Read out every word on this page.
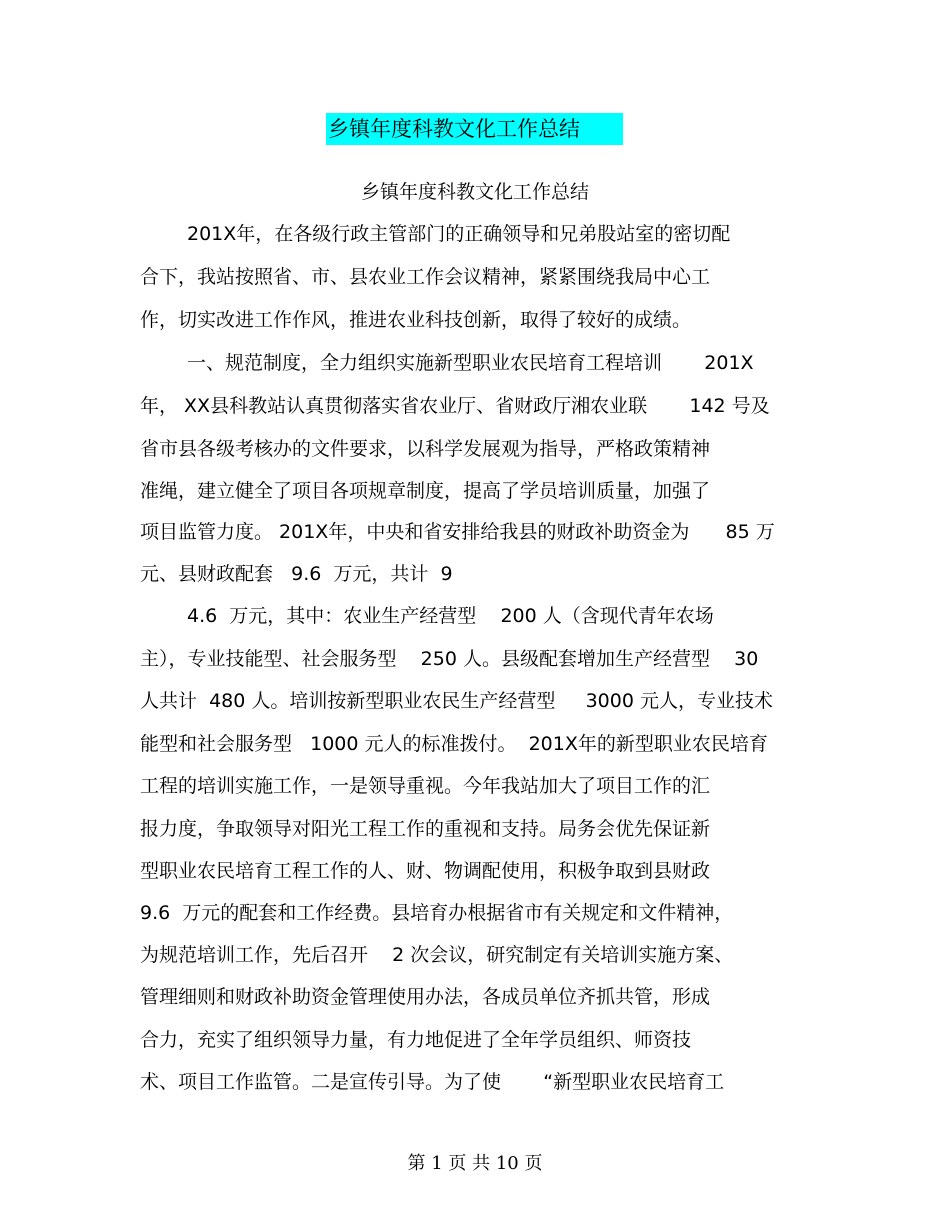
乡镇年度科教文化工作总结
乡镇年度科教文化工作总结
201X年，在各级行政主管部门的正确领导和兄弟股站室的密切配
合下，我站按照省、市、县农业工作会议精神，紧紧围绕我局中心工
作，切实改进工作作风，推进农业科技创新，取得了较好的成绩。
一、规范制度，全力组织实施新型职业农民培育工程培训       201X
年， XX县科教站认真贯彻落实省农业厅、省财政厅湘农业联       142 号及
省市县各级考核办的文件要求，以科学发展观为指导，严格政策精神
准绳，建立健全了项目各项规章制度，提高了学员培训质量，加强了
项目监管力度。 201X年，中央和省安排给我县的财政补助资金为      85 万
元、县财政配套   9.6  万元，共计  9
4.6  万元，其中：农业生产经营型    200 人（含现代青年农场
主），专业技能型、社会服务型    250 人。县级配套增加生产经营型    30
人共计  480 人。培训按新型职业农民生产经营型     3000 元人，专业技术
能型和社会服务型   1000 元人的标准拨付。  201X年的新型职业农民培育
工程的培训实施工作，一是领导重视。今年我站加大了项目工作的汇
报力度，争取领导对阳光工程工作的重视和支持。局务会优先保证新
型职业农民培育工程工作的人、财、物调配使用，积极争取到县财政
9.6  万元的配套和工作经费。县培育办根据省市有关规定和文件精神，
为规范培训工作，先后召开    2 次会议，研究制定有关培训实施方案、
管理细则和财政补助资金管理使用办法，各成员单位齐抓共管，形成
合力，充实了组织领导力量，有力地促进了全年学员组织、师资技
术、项目工作监管。二是宣传引导。为了使       “新型职业农民培育工
第 1 页 共 10 页
